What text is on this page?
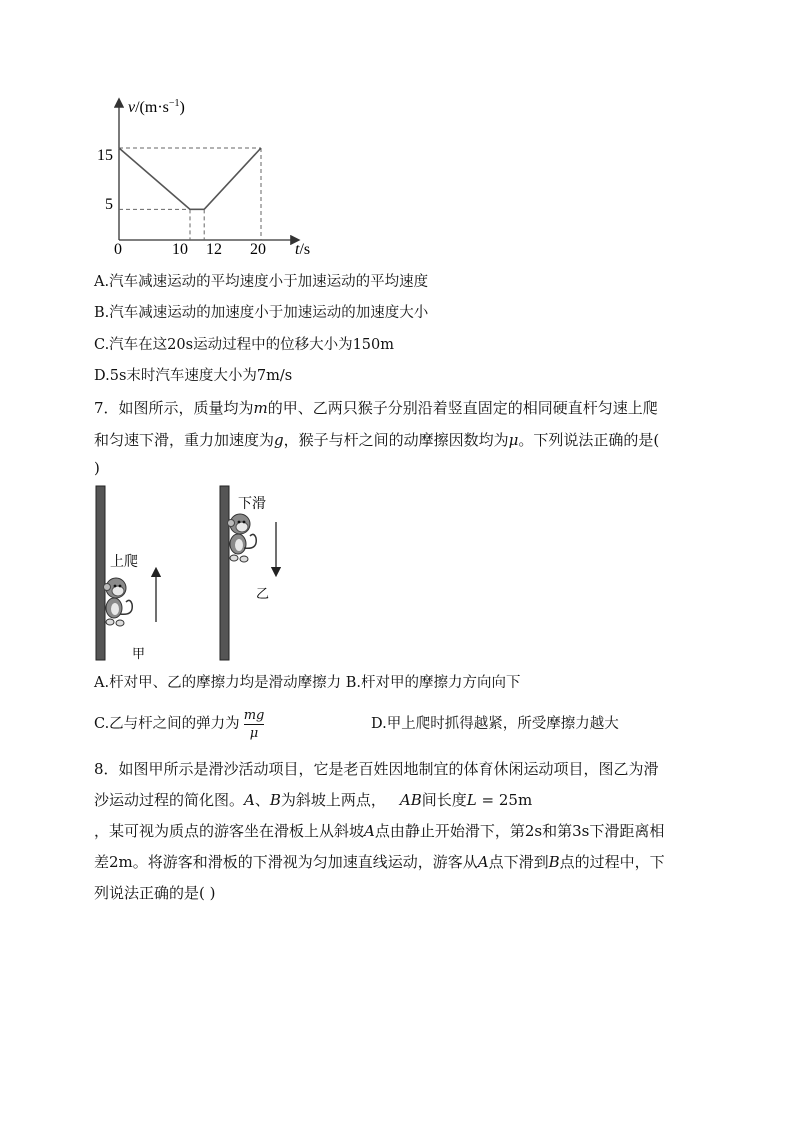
$v/(m\cdot s^{-1})$
t/s
15
5
0	10 12 20
A.汽车减速运动的平均速度小于加速运动的平均速度
B.汽车减速运动的加速度小于加速运动的加速度大小
C.汽车在这20s运动过程中的位移大小为150m
D.5s末时汽车速度大小为7m/s
7．如图所示，质量均为m的甲、乙两只猴子分别沿着竖直固定的相同硬直杆匀速上爬
和匀速下滑，重力加速度为g，猴子与杆之间的动摩擦因数均为μ。下列说法正确的是(
)
上爬
下滑
甲
乙
A.杆对甲、乙的摩擦力均是滑动摩擦力 B.杆对甲的摩擦力方向向下
C.乙与杆之间的弹力为 $\frac{mg}{\mu}$	D.甲上爬时抓得越紧，所受摩擦力越大
8．如图甲所示是滑沙活动项目，它是老百姓因地制宜的体育休闲运动项目，图乙为滑
沙运动过程的简化图。A、B为斜坡上两点， AB间长度L = 25m
，某可视为质点的游客坐在滑板上从斜坡A点由静止开始滑下，第2s和第3s下滑距离相
差2m。将游客和滑板的下滑视为匀加速直线运动，游客从A点下滑到B点的过程中，下
列说法正确的是( )
